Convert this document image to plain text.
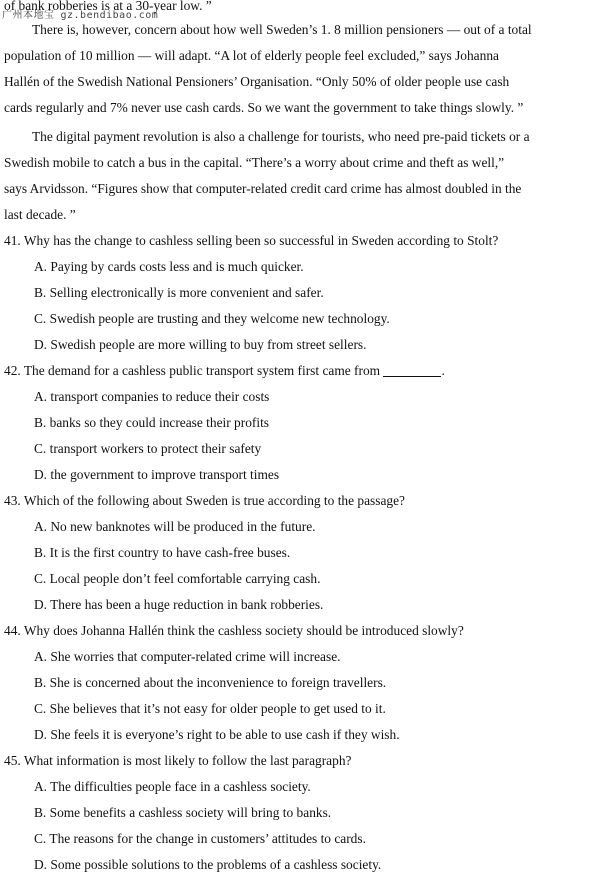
广州本地宝 gz.bendibao.com
of bank robberies is at a 30-year low. ”
There is, however, concern about how well Sweden’s 1. 8 million pensioners — out of a total
population of 10 million — will adapt. “A lot of elderly people feel excluded,” says Johanna
Hallén of the Swedish National Pensioners’ Organisation. “Only 50% of older people use cash
cards regularly and 7% never use cash cards. So we want the government to take things slowly. ”
The digital payment revolution is also a challenge for tourists, who need pre-paid tickets or a
Swedish mobile to catch a bus in the capital. “There’s a worry about crime and theft as well,”
says Arvidsson. “Figures show that computer-related credit card crime has almost doubled in the
last decade. ”
41. Why has the change to cashless selling been so successful in Sweden according to Stolt?
A. Paying by cards costs less and is much quicker.
B. Selling electronically is more convenient and safer.
C. Swedish people are trusting and they welcome new technology.
D. Swedish people are more willing to buy from street sellers.
42. The demand for a cashless public transport system first came from	.
A. transport companies to reduce their costs
B. banks so they could increase their profits
C. transport workers to protect their safety
D. the government to improve transport times
43. Which of the following about Sweden is true according to the passage?
A. No new banknotes will be produced in the future.
B. It is the first country to have cash-free buses.
C. Local people don’t feel comfortable carrying cash.
D. There has been a huge reduction in bank robberies.
44. Why does Johanna Hallén think the cashless society should be introduced slowly?
A. She worries that computer-related crime will increase.
B. She is concerned about the inconvenience to foreign travellers.
C. She believes that it’s not easy for older people to get used to it.
D. She feels it is everyone’s right to be able to use cash if they wish.
45. What information is most likely to follow the last paragraph?
A. The difficulties people face in a cashless society.
B. Some benefits a cashless society will bring to banks.
C. The reasons for the change in customers’ attitudes to cards.
D. Some possible solutions to the problems of a cashless society.
